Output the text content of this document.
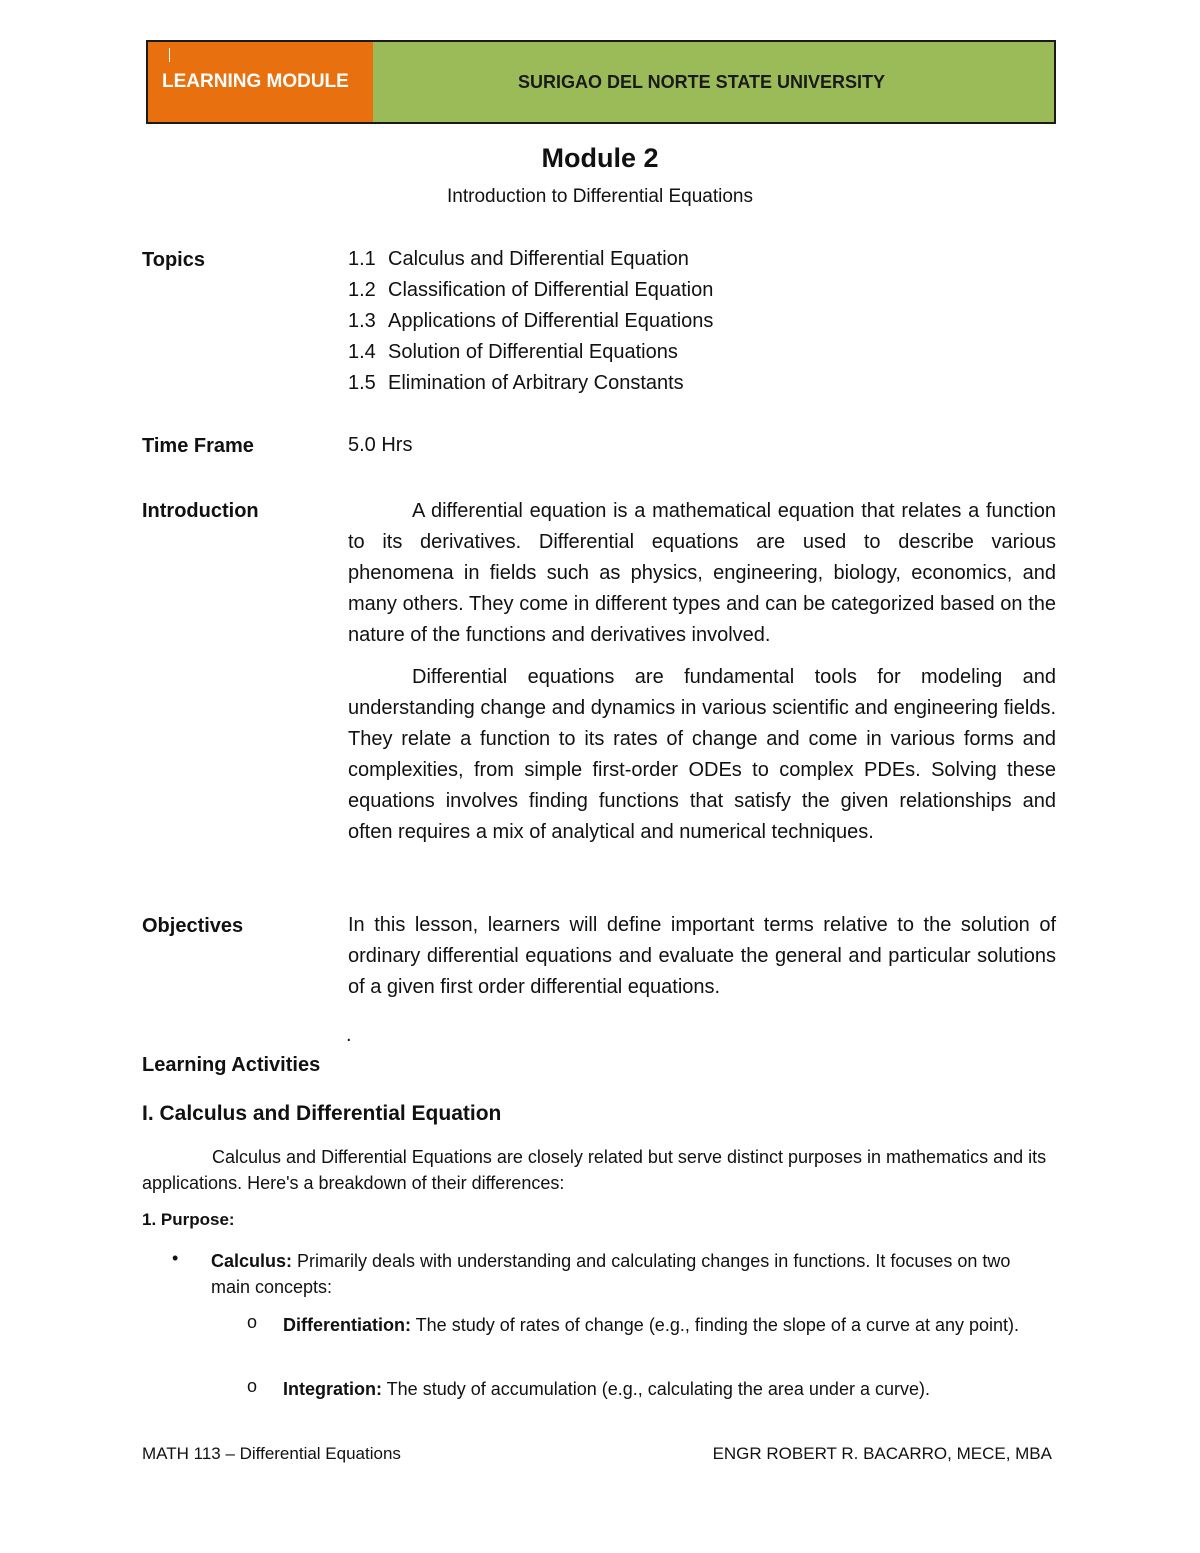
LEARNING MODULE	SURIGAO DEL NORTE STATE UNIVERSITY
Module 2
Introduction to Differential Equations
Topics	1.1 Calculus and Differential Equation
1.2 Classification of Differential Equation
1.3 Applications of Differential Equations
1.4 Solution of Differential Equations
1.5 Elimination of Arbitrary Constants
Time Frame	5.0 Hrs
Introduction	A differential equation is a mathematical equation that relates a function to its derivatives. Differential equations are used to describe various phenomena in fields such as physics, engineering, biology, economics, and many others. They come in different types and can be categorized based on the nature of the functions and derivatives involved.

Differential equations are fundamental tools for modeling and understanding change and dynamics in various scientific and engineering fields. They relate a function to its rates of change and come in various forms and complexities, from simple first-order ODEs to complex PDEs. Solving these equations involves finding functions that satisfy the given relationships and often requires a mix of analytical and numerical techniques.

Objectives	In this lesson, learners will define important terms relative to the solution of ordinary differential equations and evaluate the general and particular solutions of a given first order differential equations.
.
Learning Activities
I. Calculus and Differential Equation

Calculus and Differential Equations are closely related but serve distinct purposes in mathematics and its applications. Here's a breakdown of their differences:

1. Purpose:
• Calculus: Primarily deals with understanding and calculating changes in functions. It focuses on two main concepts:

o Differentiation: The study of rates of change (e.g., finding the slope of a curve at any point).

o Integration: The study of accumulation (e.g., calculating the area under a curve).

MATH 113 – Differential Equations	ENGR ROBERT R. BACARRO, MECE, MBA
